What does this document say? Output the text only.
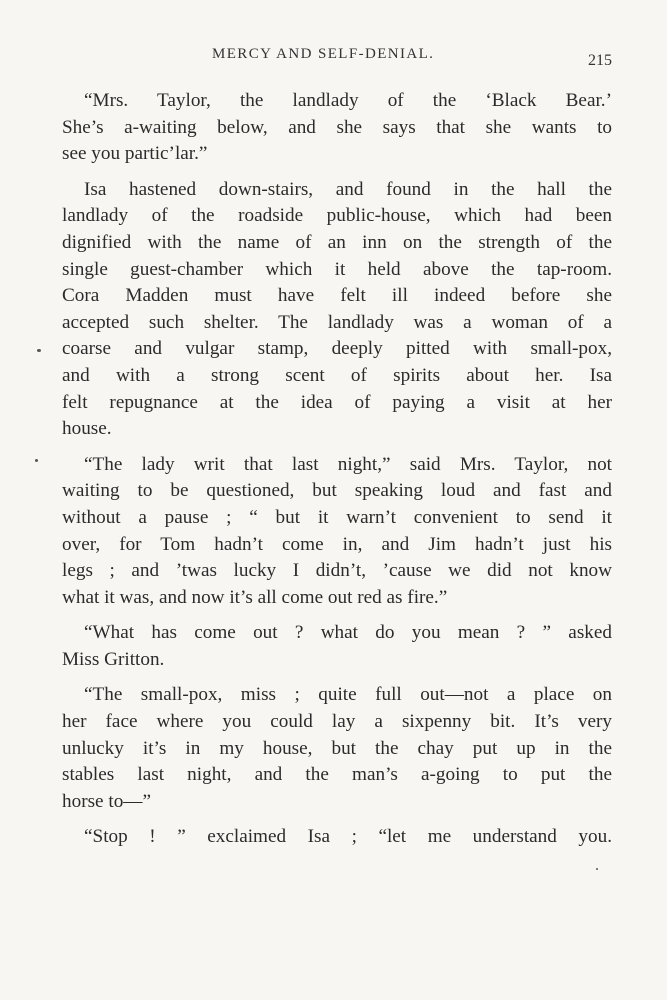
MERCY AND SELF-DENIAL.	215
“Mrs. Taylor, the landlady of the ‘Black Bear.’
She’s a-waiting below, and she says that she wants to
see you partic’lar.”
Isa hastened down-stairs, and found in the hall the
landlady of the roadside public-house, which had been
dignified with the name of an inn on the strength of the
single guest-chamber which it held above the tap-room.
Cora Madden must have felt ill indeed before she
accepted such shelter. The landlady was a woman of a
coarse and vulgar stamp, deeply pitted with small-pox,
and with a strong scent of spirits about her. Isa
felt repugnance at the idea of paying a visit at her
house.
“The lady writ that last night,” said Mrs. Taylor, not
waiting to be questioned, but speaking loud and fast and
without a pause ; “ but it warn’t convenient to send it
over, for Tom hadn’t come in, and Jim hadn’t just his
legs ; and ’twas lucky I didn’t, ’cause we did not know
what it was, and now it’s all come out red as fire.”
“What has come out ? what do you mean ? ” asked
Miss Gritton.
“The small-pox, miss ; quite full out—not a place on
her face where you could lay a sixpenny bit. It’s very
unlucky it’s in my house, but the chay put up in the
stables last night, and the man’s a-going to put the
horse to—”
“Stop ! ” exclaimed Isa ; “let me understand you.
